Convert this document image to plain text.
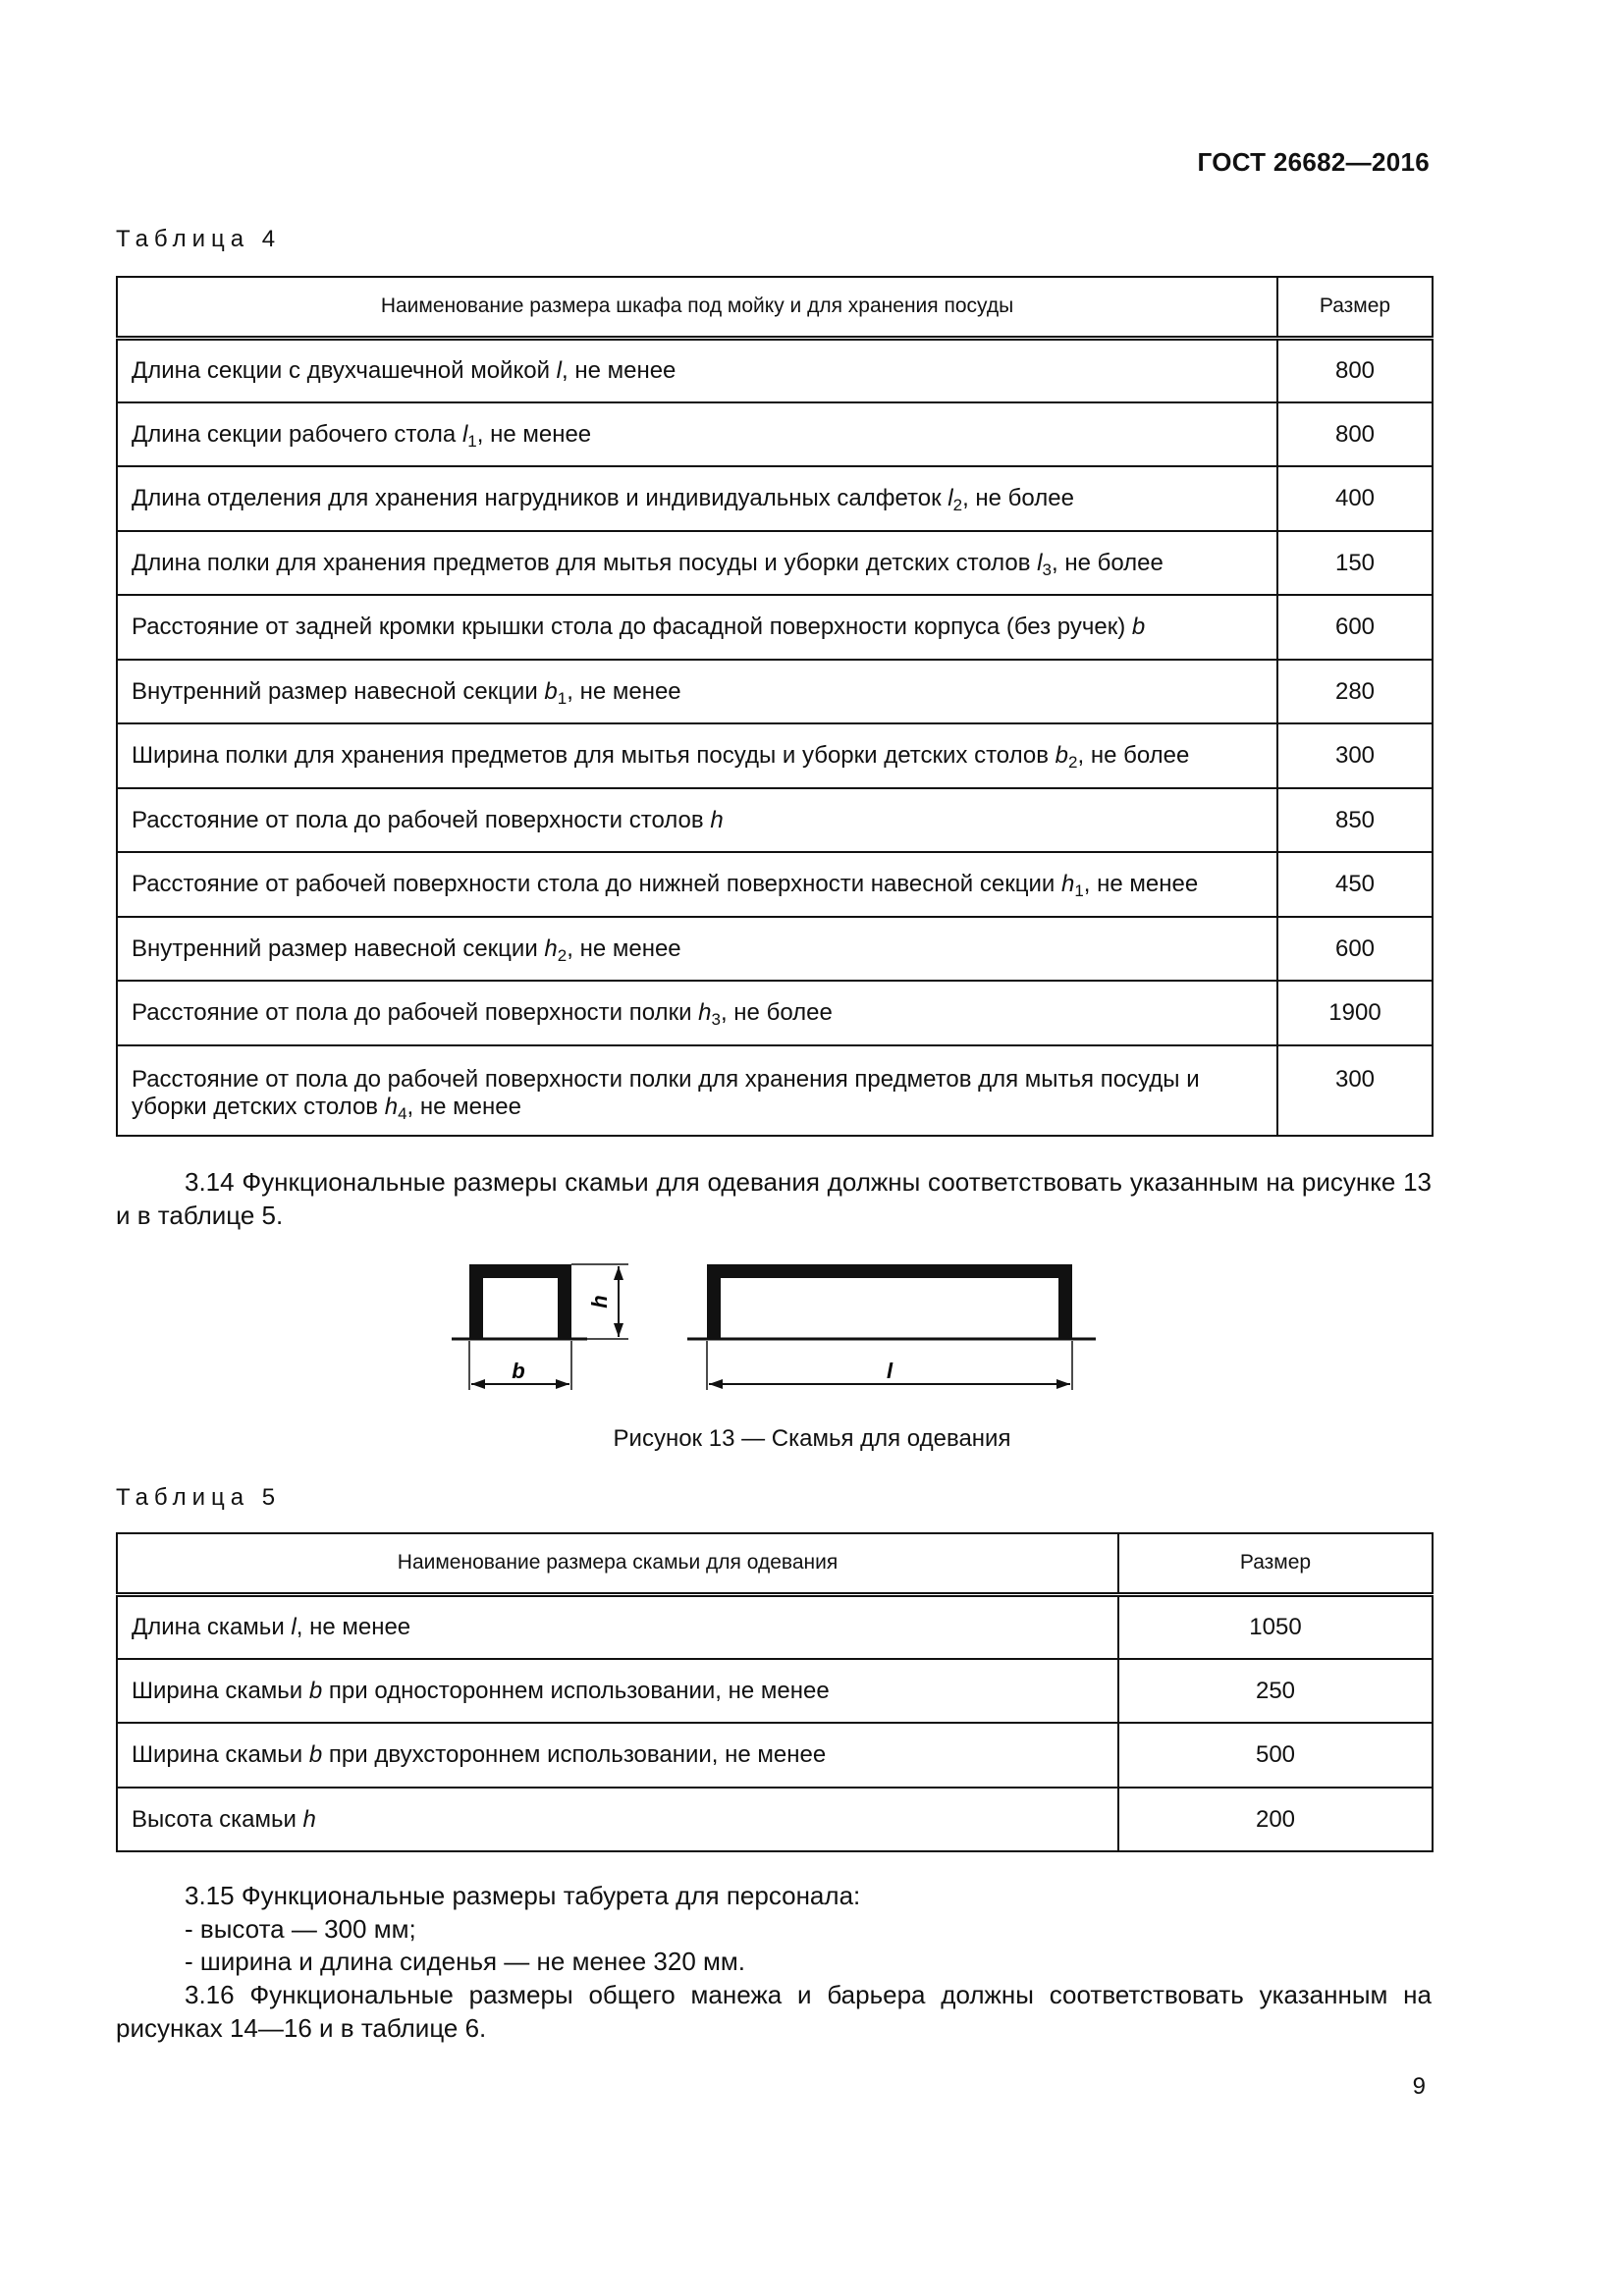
ГОСТ 26682—2016
Таблица 4
Наименование размера шкафа под мойку и для хранения посуды	Размер
Длина секции с двухчашечной мойкой l, не менее	800
Длина секции рабочего стола $l_1$, не менее	800
Длина отделения для хранения нагрудников и индивидуальных салфеток $l_2$, не более	400
Длина полки для хранения предметов для мытья посуды и уборки детских столов $l_3$, не более	150
Расстояние от задней кромки крышки стола до фасадной поверхности корпуса (без ручек) b	600
Внутренний размер навесной секции $b_1$, не менее	280
Ширина полки для хранения предметов для мытья посуды и уборки детских столов $b_2$, не более	300
Расстояние от пола до рабочей поверхности столов h	850
Расстояние от рабочей поверхности стола до нижней поверхности навесной секции $h_1$, не менее	450
Внутренний размер навесной секции $h_2$, не менее	600
Расстояние от пола до рабочей поверхности полки $h_3$, не более	1900
Расстояние от пола до рабочей поверхности полки для хранения предметов для мытья посуды и уборки детских столов $h_4$, не менее	300
3.14 Функциональные размеры скамьи для одевания должны соответствовать указанным на рисунке 13 и в таблице 5.
h
b	l
Рисунок 13 — Скамья для одевания
Таблица 5
Наименование размера скамьи для одевания	Размер
Длина скамьи l, не менее	1050
Ширина скамьи b при одностороннем использовании, не менее	250
Ширина скамьи b при двухстороннем использовании, не менее	500
Высота скамьи h	200
3.15 Функциональные размеры табурета для персонала:
- высота — 300 мм;
- ширина и длина сиденья — не менее 320 мм.
3.16 Функциональные размеры общего манежа и барьера должны соответствовать указанным на рисунках 14—16 и в таблице 6.
9
